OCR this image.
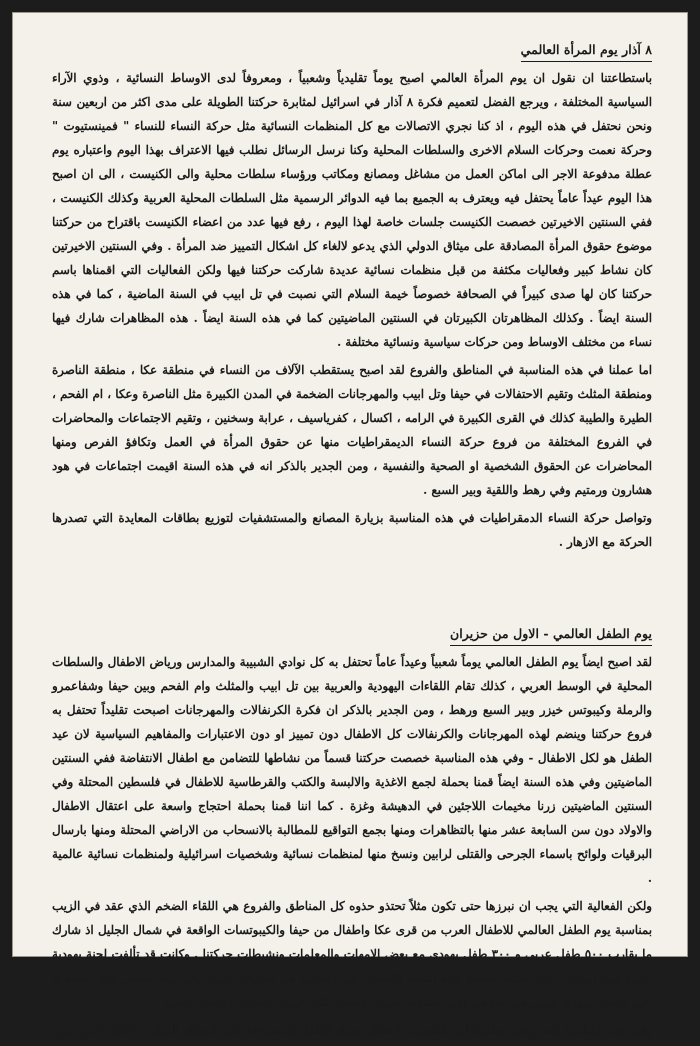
٨ آذار يوم المرأة العالمي

باستطاعتنا ان نقول ان يوم المرأة العالمي اصبح يوماً تقليدياً وشعبياً ، ومعروفاً لدى الاوساط النسائية ، وذوي الآراء السياسية المختلفة ، ويرجع الفضل لتعميم فكرة ٨ آذار في اسرائيل لمثابرة حركتنا الطويلة على مدى اكثر من اربعين سنة ونحن نحتفل في هذه اليوم ، اذ كنا نجري الاتصالات مع كل المنظمات النسائية مثل حركة النساء للنساء " فمينستيوت " وحركة نعمت وحركات السلام الاخرى والسلطات المحلية وكنا نرسل الرسائل نطلب فيها الاعتراف بهذا اليوم واعتباره يوم عطلة مدفوعة الاجر الى اماكن العمل من مشاغل ومصانع ومكاتب ورؤساء سلطات محلية والى الكنيست ، الى ان اصبح هذا اليوم عيداً عاماً يحتفل فيه ويعترف به الجميع بما فيه الدوائر الرسمية مثل السلطات المحلية العربية وكذلك الكنيست ، ففي السنتين الاخيرتين خصصت الكنيست جلسات خاصة لهذا اليوم ، رفع فيها عدد من اعضاء الكنيست باقتراح من حركتنا موضوع حقوق المرأة المصادقة على ميثاق الدولي الذي يدعو لالغاء كل اشكال التمييز ضد المرأة . وفي السنتين الاخيرتين كان نشاط كبير وفعاليات مكثفة من قبل منظمات نسائية عديدة شاركت حركتنا فيها ولكن الفعاليات التي اقمناها باسم حركتنا كان لها صدى كبيراً في الصحافة خصوصاً خيمة السلام التي نصبت في تل ابيب في السنة الماضية ، كما في هذه السنة ايضاً . وكذلك المظاهرتان الكبيرتان في السنتين الماضيتين كما في هذه السنة ايضاً . هذه المظاهرات شارك فيها نساء من مختلف الاوساط ومن حركات سياسية ونسائية مختلفة .

اما عملنا في هذه المناسبة في المناطق والفروع لقد اصبح يستقطب الآلاف من النساء في منطقة عكا ، منطقة الناصرة ومنطقة المثلث وتقيم الاحتفالات في حيفا وتل ابيب والمهرجانات الضخمة في المدن الكبيرة مثل الناصرة وعكا ، ام الفحم ، الطيرة والطيبة كذلك في القرى الكبيرة في الرامه ، اكسال ، كفرياسيف ، عرابة وسخنين ، وتقيم الاجتماعات والمحاضرات في الفروع المختلفة من فروع حركة النساء الديمقراطيات منها عن حقوق المرأة في العمل وتكافؤ الفرص ومنها المحاضرات عن الحقوق الشخصية او الصحية والنفسية ، ومن الجدير بالذكر انه في هذه السنة اقيمت اجتماعات في هود هشارون ورمتيم وفي رهط واللقية وبير السبع .

وتواصل حركة النساء الدمقراطيات في هذه المناسبة بزيارة المصانع والمستشفيات لتوزيع بطاقات المعايدة التي تصدرها الحركة مع الازهار .

يوم الطفل العالمي - الاول من حزيران

لقد اصبح ايضاً يوم الطفل العالمي يوماً شعبياً وعيداً عاماً تحتفل به كل نوادي الشبيبة والمدارس ورياض الاطفال والسلطات المحلية في الوسط العربي ، كذلك تقام اللقاءات اليهودية والعربية بين تل ابيب والمثلث وام الفحم وبين حيفا وشفاعمرو والرملة وكيبوتس خيزر وبير السبع ورهط ، ومن الجدير بالذكر ان فكرة الكرنفالات والمهرجانات اصبحت تقليداً تحتفل به فروع حركتنا وينضم لهذه المهرجانات والكرنفالات كل الاطفال دون تمييز او دون الاعتبارات والمفاهيم السياسية لان عيد الطفل هو لكل الاطفال - وفي هذه المناسبة خصصت حركتنا قسماً من نشاطها للتضامن مع اطفال الانتفاضة ففي السنتين الماضيتين وفي هذه السنة ايضاً قمنا بحملة لجمع الاغذية والالبسة والكتب والقرطاسية للاطفال في فلسطين المحتلة وفي السنتين الماضيتين زرنا مخيمات اللاجئين في الدهيشة وغزة . كما اننا قمنا بحملة احتجاج واسعة على اعتقال الاطفال والاولاد دون سن السابعة عشر منها بالتظاهرات ومنها بجمع التواقيع للمطالبة بالانسحاب من الاراضي المحتلة ومنها بارسال البرقيات ولوائح باسماء الجرحى والقتلى لرابين ونسخ منها لمنظمات نسائية وشخصيات اسرائيلية ولمنظمات نسائية عالمية .

ولكن الفعالية التي يجب ان نبرزها حتى تكون مثلاً تحتذو حذوه كل المناطق والفروع هي اللقاء الضخم الذي عقد في الزيب بمناسبة يوم الطفل العالمي للاطفال العرب من قرى عكا واطفال من حيفا والكيبوتسات الواقعة في شمال الجليل اذ شارك ما يقارب ٥٠٠ طفل عربي و ٣٠٠ طفل يهودي مع بعض الامهات والمعلمات ونشيطات حركتنا . وكانت قد تألفت لجنة يهودية عربية لهذا الهدف ، وقد استمر نشاط هذه اللجنة والتعاون بين اعضائها في فعاليات اخرى وفي يوم الطفل هذه السنة اذ اقيم احتفال يهودي عربي في عكا من اجل مساواة حقوق الاطفال لكل اليهود والعرب ولابطال التمييز .

وفي هذه المناسبة ايضاً رفعنا مطالبنا الى الكنيست لاحقاق حقوق الطفل والمصادقة على الميثاق الدولي - كذلك الامر نزور
